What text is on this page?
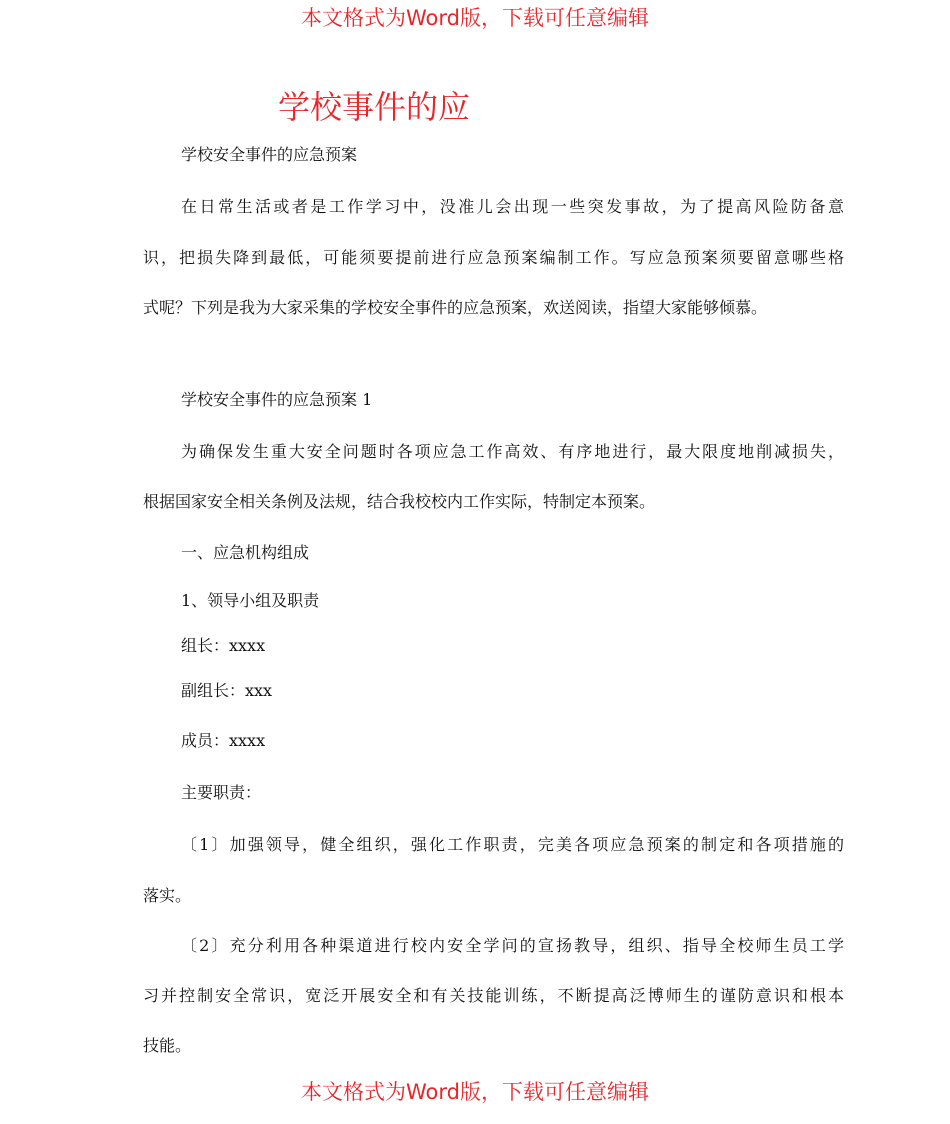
本文格式为Word版，下载可任意编辑
学校事件的应
学校安全事件的应急预案
在日常生活或者是工作学习中，没准儿会出现一些突发事故，为了提高风险防备意
识，把损失降到最低，可能须要提前进行应急预案编制工作。写应急预案须要留意哪些格
式呢？下列是我为大家采集的学校安全事件的应急预案，欢送阅读，指望大家能够倾慕。
学校安全事件的应急预案 1
为确保发生重大安全问题时各项应急工作高效、有序地进行，最大限度地削减损失，
根据国家安全相关条例及法规，结合我校校内工作实际，特制定本预案。
一、应急机构组成
1、领导小组及职责
组长：xxxx
副组长：xxx
成员：xxxx
主要职责：
〔1〕加强领导，健全组织，强化工作职责，完美各项应急预案的制定和各项措施的
落实。
〔2〕充分利用各种渠道进行校内安全学问的宣扬教导，组织、指导全校师生员工学
习并控制安全常识，宽泛开展安全和有关技能训练，不断提高泛博师生的谨防意识和根本
技能。
本文格式为Word版，下载可任意编辑
